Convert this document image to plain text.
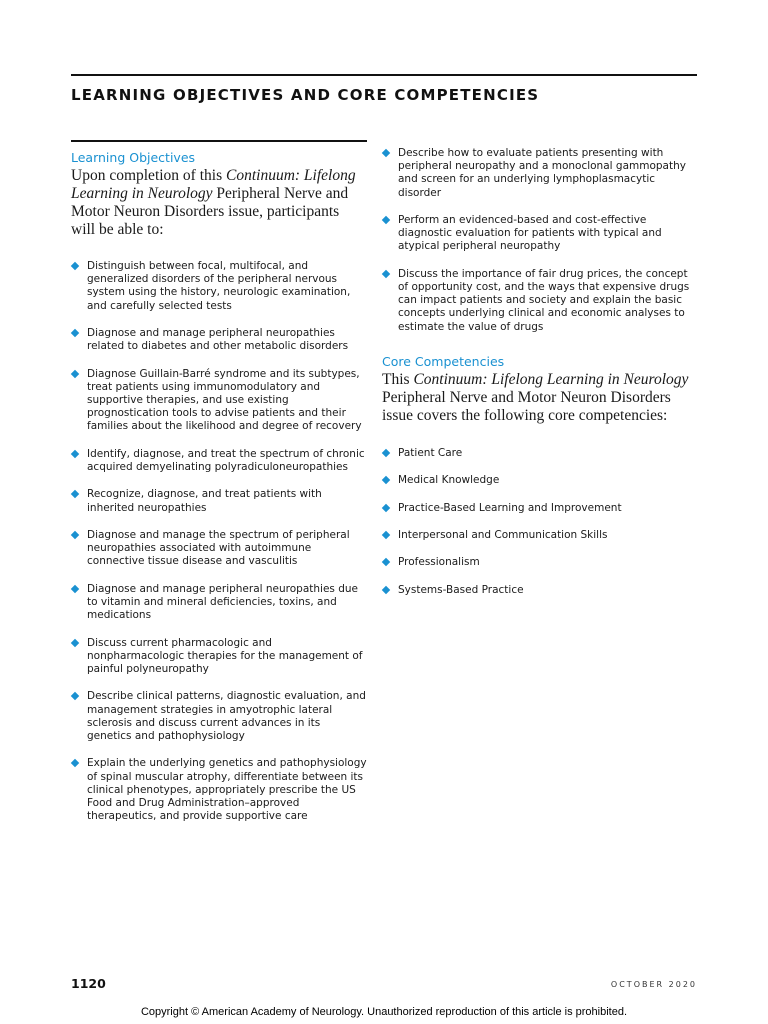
LEARNING OBJECTIVES AND CORE COMPETENCIES
Learning Objectives

Upon completion of this Continuum: Lifelong Learning in Neurology Peripheral Nerve and Motor Neuron Disorders issue, participants will be able to:

Distinguish between focal, multifocal, and generalized disorders of the peripheral nervous system using the history, neurologic examination, and carefully selected tests
Diagnose and manage peripheral neuropathies related to diabetes and other metabolic disorders
Diagnose Guillain-Barré syndrome and its subtypes, treat patients using immunomodulatory and supportive therapies, and use existing prognostication tools to advise patients and their families about the likelihood and degree of recovery
Identify, diagnose, and treat the spectrum of chronic acquired demyelinating polyradiculoneuropathies
Recognize, diagnose, and treat patients with inherited neuropathies
Diagnose and manage the spectrum of peripheral neuropathies associated with autoimmune connective tissue disease and vasculitis
Diagnose and manage peripheral neuropathies due to vitamin and mineral deficiencies, toxins, and medications
Discuss current pharmacologic and nonpharmacologic therapies for the management of painful polyneuropathy
Describe clinical patterns, diagnostic evaluation, and management strategies in amyotrophic lateral sclerosis and discuss current advances in its genetics and pathophysiology
Explain the underlying genetics and pathophysiology of spinal muscular atrophy, differentiate between its clinical phenotypes, appropriately prescribe the US Food and Drug Administration–approved therapeutics, and provide supportive care
Describe how to evaluate patients presenting with peripheral neuropathy and a monoclonal gammopathy and screen for an underlying lymphoplasmacytic disorder
Perform an evidenced-based and cost-effective diagnostic evaluation for patients with typical and atypical peripheral neuropathy
Discuss the importance of fair drug prices, the concept of opportunity cost, and the ways that expensive drugs can impact patients and society and explain the basic concepts underlying clinical and economic analyses to estimate the value of drugs
Core Competencies

This Continuum: Lifelong Learning in Neurology Peripheral Nerve and Motor Neuron Disorders issue covers the following core competencies:

Patient Care
Medical Knowledge
Practice-Based Learning and Improvement
Interpersonal and Communication Skills
Professionalism
Systems-Based Practice
1120	OCTOBER 2020
Copyright © American Academy of Neurology. Unauthorized reproduction of this article is prohibited.
